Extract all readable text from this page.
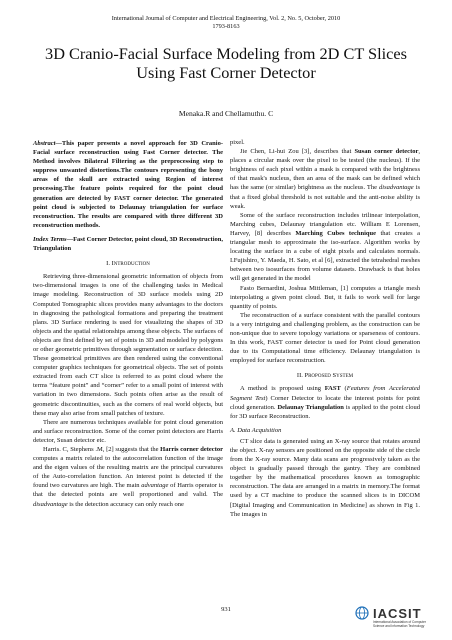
International Journal of Computer and Electrical Engineering, Vol. 2, No. 5, October, 2010
1793-8163
3D Cranio-Facial Surface Modeling from 2D CT Slices Using Fast Corner Detector
Menaka.R and Chellamuthu. C

Abstract—This paper presents a novel approach for 3D Cranio-Facial surface reconstruction using Fast Corner detector. The Method involves Bilateral Filtering as the preprocessing step to suppress unwanted distortions.The contours representing the bony areas of the skull are extracted using Region of interest processing.The feature points required for the point cloud generation are detected by FAST corner detector. The generated point cloud is subjected to Delaunay triangulation for surface reconstruction. The results are compared with three different 3D reconstruction methods.

Index Terms—Fast Corner Detector, point cloud, 3D Reconstruction, Triangulation

I. Introduction

Retrieving three-dimensional geometric information of objects from two-dimensional images is one of the challenging tasks in Medical image modeling. Reconstruction of 3D surface models using 2D Computed Tomographic slices provides many advantages to the doctors in diagnosing the pathological formations and preparing the treatment plans. 3D Surface rendering is used for visualizing the shapes of 3D objects and the spatial relationships among these objects. The surfaces of objects are first defined by set of points in 3D and modeled by polygons or other geometric primitives through segmentation or surface detection. These geometrical primitives are then rendered using the conventional computer graphics techniques for geometrical objects. The set of points extracted from each CT slice is referred to as point cloud where the terms “feature point” and “corner” refer to a small point of interest with variation in two dimensions. Such points often arise as the result of geometric discontinuities, such as the corners of real world objects, but these may also arise from small patches of texture.

There are numerous techniques available for point cloud generation and surface reconstruction. Some of the corner point detectors are Harris detector, Susan detector etc.

Harris. C, Stephens .M, [2] suggests that the Harris corner detector computes a matrix related to the autocorrelation function of the image and the eigen values of the resulting matrix are the principal curvatures of the Auto-correlation function. An interest point is detected if the found two curvatures are high. The main advantage of Harris operator is that the detected points are well proportioned and valid. The disadvantage is the detection accuracy can only reach one

pixel.

Jie Chen, Li-hui Zou [3], describes that Susan corner detector, places a circular mask over the pixel to be tested (the nucleus). If the brightness of each pixel within a mask is compared with the brightness of that mask's nucleus, then an area of the mask can be defined which has the same (or similar) brightness as the nucleus. The disadvantage is that a fixed global threshold is not suitable and the anti-noise ability is weak.

Some of the surface reconstruction includes trilinear interpolation, Marching cubes, Delaunay triangulation etc. William E Lorensen, Harvey, [8] describes Marching Cubes technique that creates a triangular mesh to approximate the iso-surface. Algorithm works by locating the surface in a cube of eight pixels and calculates normals. I.Fujishiro, Y. Maeda, H. Sato, et al [6], extracted the tetrahedral meshes between two isosurfaces from volume datasets. Drawback is that holes will get generated in the model

Fasto Bernardini, Joshua Mittleman, [1] computes a triangle mesh interpolating a given point cloud. But, it fails to work well for large quantity of points.

The reconstruction of a surface consistent with the parallel contours is a very intriguing and challenging problem, as the construction can be non-unique due to severe topology variations or sparseness of contours. In this work, FAST corner detector is used for Point cloud generation due to its Computational time efficiency. Delaunay triangulation is employed for surface reconstruction.

II. Proposed System

A method is proposed using FAST (Features from Accelerated Segment Test) Corner Detector to locate the interest points for point cloud generation. Delaunay Triangulation is applied to the point cloud for 3D surface Reconstruction.

A. Data Acquisition

CT slice data is generated using an X-ray source that rotates around the object. X-ray sensors are positioned on the opposite side of the circle from the X-ray source. Many data scans are progressively taken as the object is gradually passed through the gantry. They are combined together by the mathematical procedures known as tomographic reconstruction. The data are arranged in a matrix in memory.The format used by a CT machine to produce the scanned slices is in DICOM [Digital Imaging and Communication in Medicine] as shown in Fig 1. The images in

931	IACSIT
International Association of Computer Science and Information Technology
